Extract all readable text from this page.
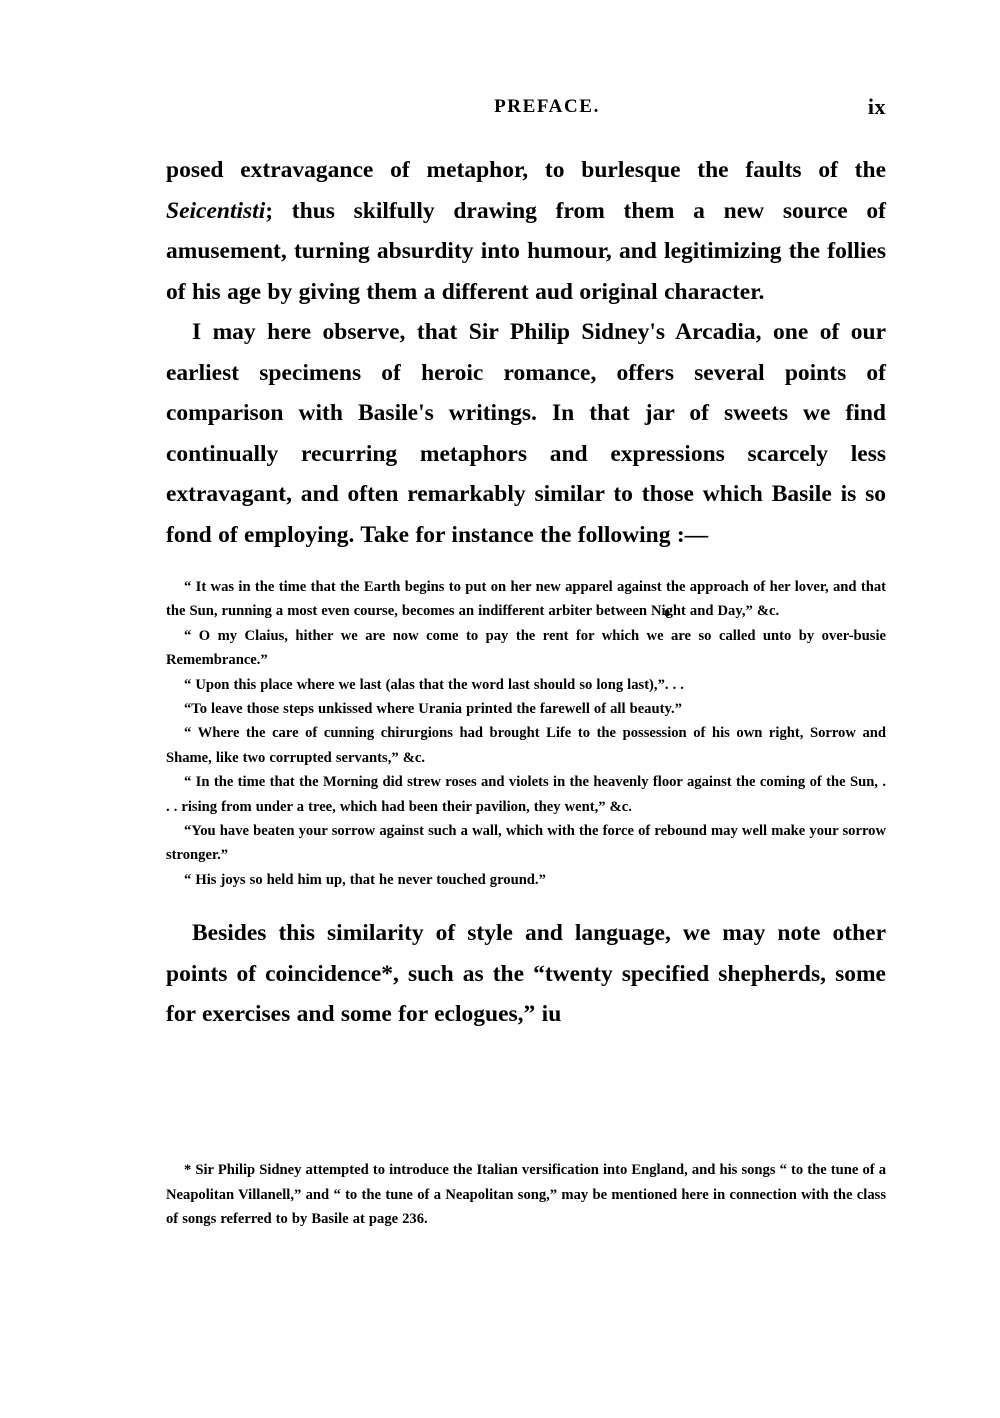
PREFACE.	ix

posed extravagance of metaphor, to burlesque the faults of the Seicentisti; thus skilfully drawing from them a new source of amusement, turning absurdity into humour, and legitimizing the follies of his age by giving them a different aud original character.

I may here observe, that Sir Philip Sidney's Arcadia, one of our earliest specimens of heroic romance, offers several points of comparison with Basile's writings. In that jar of sweets we find continually recurring metaphors and expressions scarcely less extravagant, and often remarkably similar to those which Basile is so fond of employing. Take for instance the following :—

“ It was in the time that the Earth begins to put on her new apparel against the approach of her lover, and that the Sun, running a most even course, becomes an indifferent arbiter between Night and Day,” &c.

“ O my Claius, hither we are now come to pay the rent for which we are so called unto by over-busie Remembrance.”

“ Upon this place where we last (alas that the word last should so long last),”. . .

“To leave those steps unkissed where Urania printed the farewell of all beauty.”

“ Where the care of cunning chirurgions had brought Life to the possession of his own right, Sorrow and Shame, like two corrupted servants,” &c.

“ In the time that the Morning did strew roses and violets in the heavenly floor against the coming of the Sun, . . . rising from under a tree, which had been their pavilion, they went,” &c.

“You have beaten your sorrow against such a wall, which with the force of rebound may well make your sorrow stronger.”

“ His joys so held him up, that he never touched ground.”

Besides this similarity of style and language, we may note other points of coincidence*, such as the “twenty specified shepherds, some for exercises and some for eclogues,” iu

* Sir Philip Sidney attempted to introduce the Italian versification into England, and his songs “ to the tune of a Neapolitan Villanell,” and “ to the tune of a Neapolitan song,” may be mentioned here in connection with the class of songs referred to by Basile at page 236.
